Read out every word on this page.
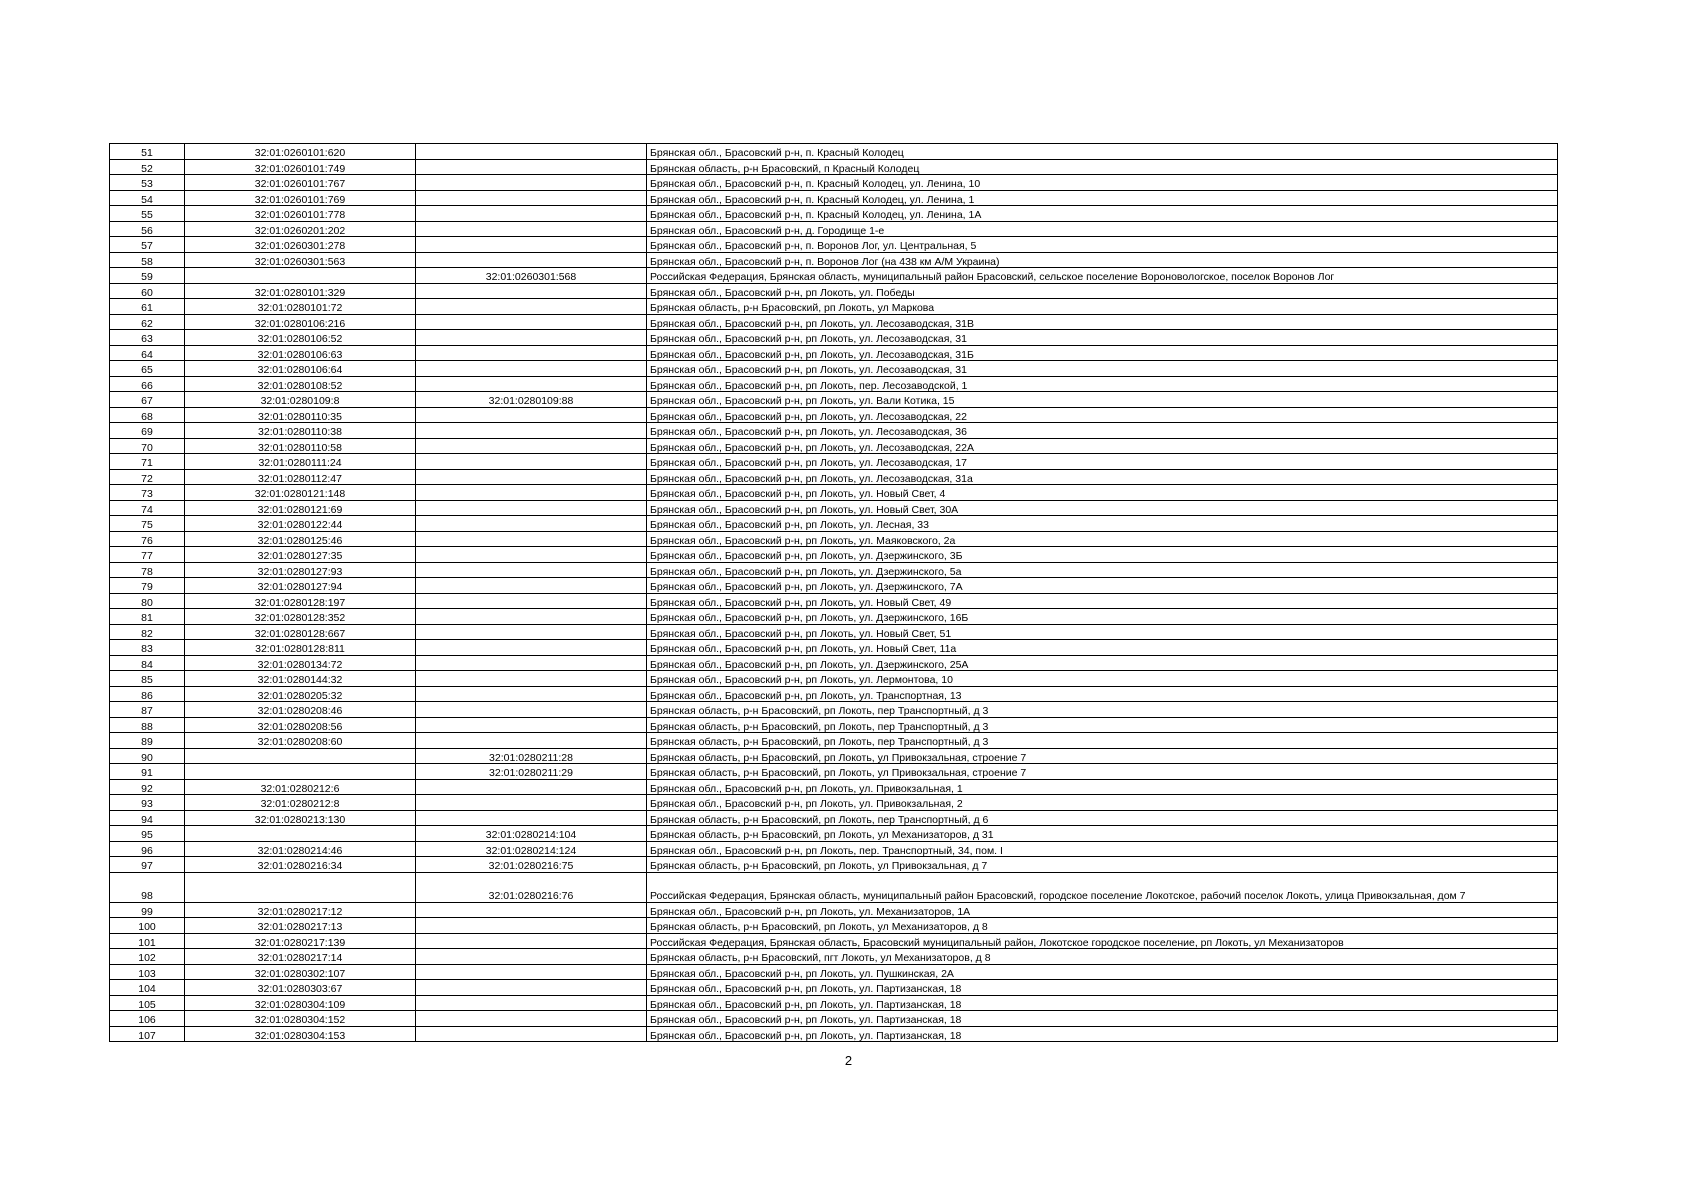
51	32:01:0260101:620		Брянская обл., Брасовский р-н, п. Красный Колодец
52	32:01:0260101:749		Брянская область, р-н Брасовский, п Красный Колодец
53	32:01:0260101:767		Брянская обл., Брасовский р-н, п. Красный Колодец, ул. Ленина, 10
54	32:01:0260101:769		Брянская обл., Брасовский р-н, п. Красный Колодец, ул. Ленина, 1
55	32:01:0260101:778		Брянская обл., Брасовский р-н, п. Красный Колодец, ул. Ленина, 1А
56	32:01:0260201:202		Брянская обл., Брасовский р-н, д. Городище 1-е
57	32:01:0260301:278		Брянская обл., Брасовский р-н, п. Воронов Лог, ул. Центральная, 5
58	32:01:0260301:563		Брянская обл., Брасовский р-н, п. Воронов Лог (на 438 км А/М Украина)
59		32:01:0260301:568	Российская Федерация, Брянская область, муниципальный район Брасовский, сельское поселение Вороновологское, поселок Воронов Лог
60	32:01:0280101:329		Брянская обл., Брасовский р-н, рп Локоть, ул. Победы
61	32:01:0280101:72		Брянская область, р-н Брасовский, рп Локоть, ул Маркова
62	32:01:0280106:216		Брянская обл., Брасовский р-н, рп Локоть, ул. Лесозаводская, 31В
63	32:01:0280106:52		Брянская обл., Брасовский р-н, рп Локоть, ул. Лесозаводская, 31
64	32:01:0280106:63		Брянская обл., Брасовский р-н, рп Локоть, ул. Лесозаводская, 31Б
65	32:01:0280106:64		Брянская обл., Брасовский р-н, рп Локоть, ул. Лесозаводская, 31
66	32:01:0280108:52		Брянская обл., Брасовский р-н, рп Локоть, пер. Лесозаводской, 1
67	32:01:0280109:8	32:01:0280109:88	Брянская обл., Брасовский р-н, рп Локоть, ул. Вали Котика, 15
68	32:01:0280110:35		Брянская обл., Брасовский р-н, рп Локоть, ул. Лесозаводская, 22
69	32:01:0280110:38		Брянская обл., Брасовский р-н, рп Локоть, ул. Лесозаводская, 36
70	32:01:0280110:58		Брянская обл., Брасовский р-н, рп Локоть, ул. Лесозаводская, 22А
71	32:01:0280111:24		Брянская обл., Брасовский р-н, рп Локоть, ул. Лесозаводская, 17
72	32:01:0280112:47		Брянская обл., Брасовский р-н, рп Локоть, ул. Лесозаводская, 31а
73	32:01:0280121:148		Брянская обл., Брасовский р-н, рп Локоть, ул. Новый Свет, 4
74	32:01:0280121:69		Брянская обл., Брасовский р-н, рп Локоть, ул. Новый Свет, 30А
75	32:01:0280122:44		Брянская обл., Брасовский р-н, рп Локоть, ул. Лесная, 33
76	32:01:0280125:46		Брянская обл., Брасовский р-н, рп Локоть, ул. Маяковского, 2а
77	32:01:0280127:35		Брянская обл., Брасовский р-н, рп Локоть, ул. Дзержинского, 3Б
78	32:01:0280127:93		Брянская обл., Брасовский р-н, рп Локоть, ул. Дзержинского, 5а
79	32:01:0280127:94		Брянская обл., Брасовский р-н, рп Локоть, ул. Дзержинского, 7А
80	32:01:0280128:197		Брянская обл., Брасовский р-н, рп Локоть, ул. Новый Свет, 49
81	32:01:0280128:352		Брянская обл., Брасовский р-н, рп Локоть, ул. Дзержинского, 16Б
82	32:01:0280128:667		Брянская обл., Брасовский р-н, рп Локоть, ул. Новый Свет, 51
83	32:01:0280128:811		Брянская обл., Брасовский р-н, рп Локоть, ул. Новый Свет, 11а
84	32:01:0280134:72		Брянская обл., Брасовский р-н, рп Локоть, ул. Дзержинского, 25А
85	32:01:0280144:32		Брянская обл., Брасовский р-н, рп Локоть, ул. Лермонтова, 10
86	32:01:0280205:32		Брянская обл., Брасовский р-н, рп Локоть, ул. Транспортная, 13
87	32:01:0280208:46		Брянская область, р-н Брасовский, рп Локоть, пер Транспортный, д 3
88	32:01:0280208:56		Брянская область, р-н Брасовский, рп Локоть, пер Транспортный, д 3
89	32:01:0280208:60		Брянская область, р-н Брасовский, рп Локоть, пер Транспортный, д 3
90		32:01:0280211:28	Брянская область, р-н Брасовский, рп Локоть, ул Привокзальная, строение 7
91		32:01:0280211:29	Брянская область, р-н Брасовский, рп Локоть, ул Привокзальная, строение 7
92	32:01:0280212:6		Брянская обл., Брасовский р-н, рп Локоть, ул. Привокзальная, 1
93	32:01:0280212:8		Брянская обл., Брасовский р-н, рп Локоть, ул. Привокзальная, 2
94	32:01:0280213:130		Брянская область, р-н Брасовский, рп Локоть, пер Транспортный, д 6
95		32:01:0280214:104	Брянская область, р-н Брасовский, рп Локоть, ул Механизаторов, д 31
96	32:01:0280214:46	32:01:0280214:124	Брянская обл., Брасовский р-н, рп Локоть, пер. Транспортный, 34, пом. I
97	32:01:0280216:34	32:01:0280216:75	Брянская область, р-н Брасовский, рп Локоть, ул Привокзальная, д 7
98		32:01:0280216:76	Российская Федерация, Брянская область, муниципальный район Брасовский, городское поселение Локотское, рабочий поселок Локоть, улица Привокзальная, дом 7
99	32:01:0280217:12		Брянская обл., Брасовский р-н, рп Локоть, ул. Механизаторов, 1А
100	32:01:0280217:13		Брянская область, р-н Брасовский, рп Локоть, ул Механизаторов, д 8
101	32:01:0280217:139		Российская Федерация, Брянская область, Брасовский муниципальный район, Локотское городское поселение, рп Локоть, ул Механизаторов
102	32:01:0280217:14		Брянская область, р-н Брасовский, пгт Локоть, ул Механизаторов, д 8
103	32:01:0280302:107		Брянская обл., Брасовский р-н, рп Локоть, ул. Пушкинская, 2А
104	32:01:0280303:67		Брянская обл., Брасовский р-н, рп Локоть, ул. Партизанская, 18
105	32:01:0280304:109		Брянская обл., Брасовский р-н, рп Локоть, ул. Партизанская, 18
106	32:01:0280304:152		Брянская обл., Брасовский р-н, рп Локоть, ул. Партизанская, 18
107	32:01:0280304:153		Брянская обл., Брасовский р-н, рп Локоть, ул. Партизанская, 18
2
